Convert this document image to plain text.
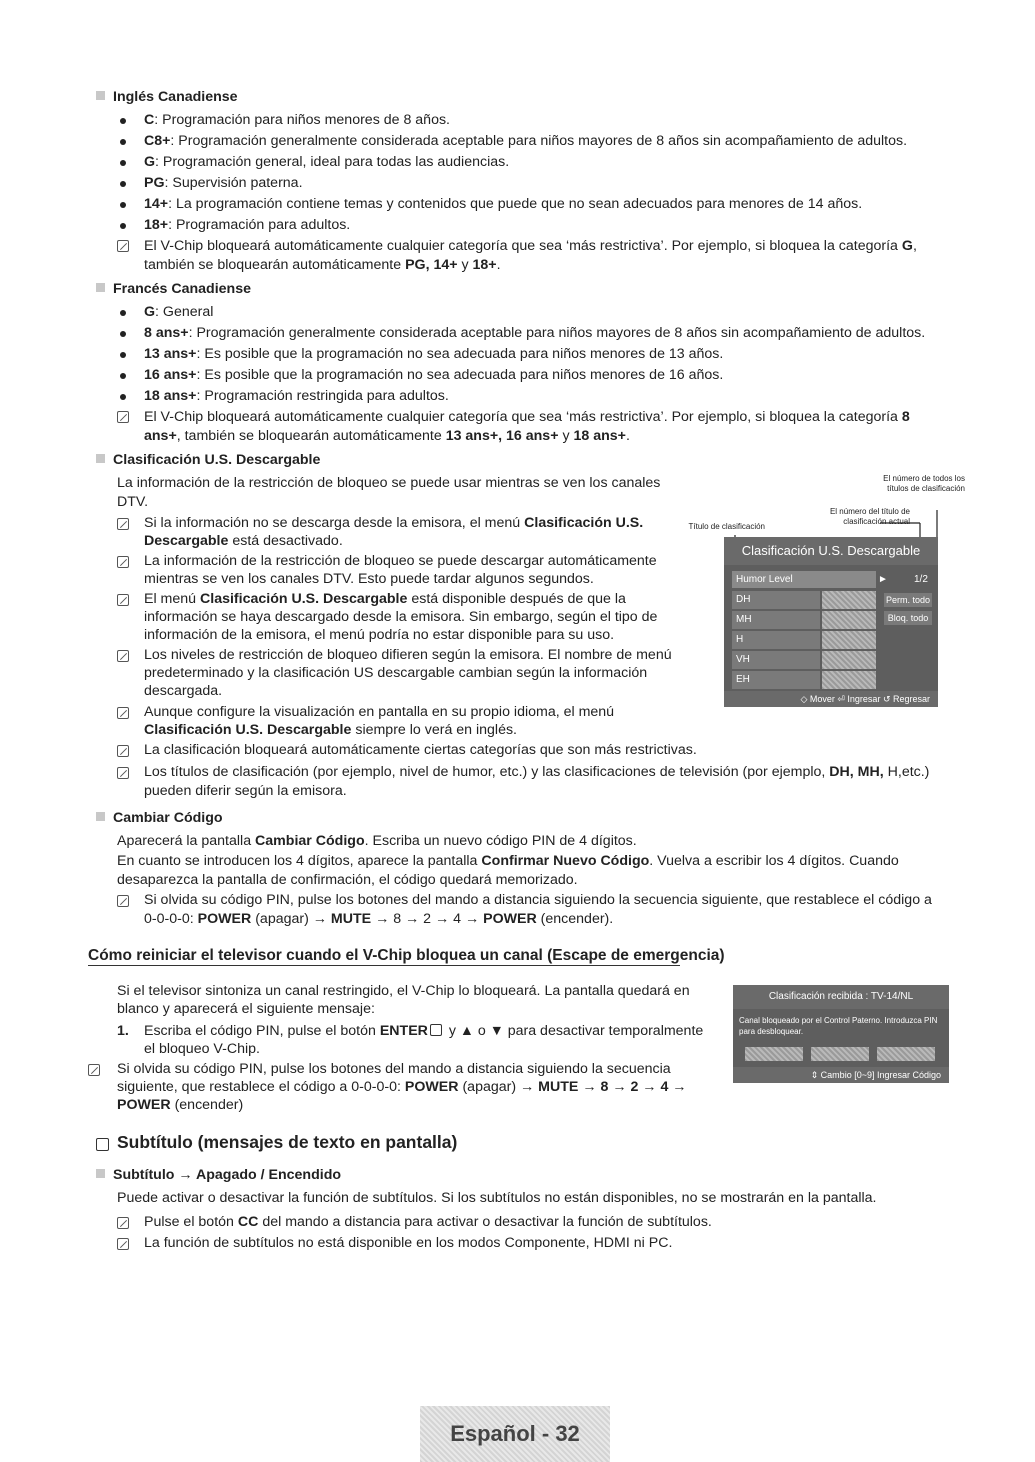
Inglés Canadiense
C: Programación para niños menores de 8 años.
C8+: Programación generalmente considerada aceptable para niños mayores de 8 años sin acompañamiento de adultos.
G: Programación general, ideal para todas las audiencias.
PG: Supervisión paterna.
14+: La programación contiene temas y contenidos que puede que no sean adecuados para menores de 14 años.
18+: Programación para adultos.
El V-Chip bloqueará automáticamente cualquier categoría que sea ‘más restrictiva’. Por ejemplo, si bloquea la categoría G,
también se bloquearán automáticamente PG, 14+ y 18+.
Francés Canadiense
G: General
8 ans+: Programación generalmente considerada aceptable para niños mayores de 8 años sin acompañamiento de adultos.
13 ans+: Es posible que la programación no sea adecuada para niños menores de 13 años.
16 ans+: Es posible que la programación no sea adecuada para niños menores de 16 años.
18 ans+: Programación restringida para adultos.
El V-Chip bloqueará automáticamente cualquier categoría que sea ‘más restrictiva’. Por ejemplo, si bloquea la categoría 8
ans+, también se bloquearán automáticamente 13 ans+, 16 ans+ y 18 ans+.
Clasificación U.S. Descargable
La información de la restricción de bloqueo se puede usar mientras se ven los canales
DTV.
Si la información no se descarga desde la emisora, el menú Clasificación U.S.
Descargable está desactivado.
La información de la restricción de bloqueo se puede descargar automáticamente
mientras se ven los canales DTV. Esto puede tardar algunos segundos.
El menú Clasificación U.S. Descargable está disponible después de que la
información se haya descargado desde la emisora. Sin embargo, según el tipo de
información de la emisora, el menú podría no estar disponible para su uso.
Los niveles de restricción de bloqueo difieren según la emisora. El nombre de menú
predeterminado y la clasificación US descargable cambian según la información
descargada.
Aunque configure la visualización en pantalla en su propio idioma, el menú
Clasificación U.S. Descargable siempre lo verá en inglés.
La clasificación bloqueará automáticamente ciertas categorías que son más restrictivas.
Los títulos de clasificación (por ejemplo, nivel de humor, etc.) y las clasificaciones de televisión (por ejemplo, DH, MH, H,etc.)
pueden diferir según la emisora.
El número de todos los
títulos de clasificación
El número del título de
clasificación actual
Título de clasificación
Clasificación U.S. Descargable
Humor Level	►	1/2
DH
MH
H
VH
EH
Perm. todo
Bloq. todo
◇ Mover ⏎ Ingresar ↺ Regresar
Cambiar Código
Aparecerá la pantalla Cambiar Código. Escriba un nuevo código PIN de 4 dígitos.
En cuanto se introducen los 4 dígitos, aparece la pantalla Confirmar Nuevo Código. Vuelva a escribir los 4 dígitos. Cuando
desaparezca la pantalla de confirmación, el código quedará memorizado.
Si olvida su código PIN, pulse los botones del mando a distancia siguiendo la secuencia siguiente, que restablece el código a
0-0-0-0: POWER (apagar) → MUTE → 8 → 2 → 4 → POWER (encender).
Cómo reiniciar el televisor cuando el V-Chip bloquea un canal (Escape de emergencia)
Si el televisor sintoniza un canal restringido, el V-Chip lo bloqueará. La pantalla quedará en
blanco y aparecerá el siguiente mensaje:
1. Escriba el código PIN, pulse el botón ENTER y ▲ o ▼ para desactivar temporalmente
el bloqueo V-Chip.
Si olvida su código PIN, pulse los botones del mando a distancia siguiendo la secuencia
siguiente, que restablece el código a 0-0-0-0: POWER (apagar) → MUTE → 8 → 2 → 4 →
POWER (encender)
Clasificación recibida : TV-14/NL
Canal bloqueado por el Control Paterno. Introduzca PIN para desbloquear.
⇕ Cambio [0~9] Ingresar Código
Subtítulo (mensajes de texto en pantalla)
Subtítulo → Apagado / Encendido
Puede activar o desactivar la función de subtítulos. Si los subtítulos no están disponibles, no se mostrarán en la pantalla.
Pulse el botón CC del mando a distancia para activar o desactivar la función de subtítulos.
La función de subtítulos no está disponible en los modos Componente, HDMI ni PC.
Español - 32
